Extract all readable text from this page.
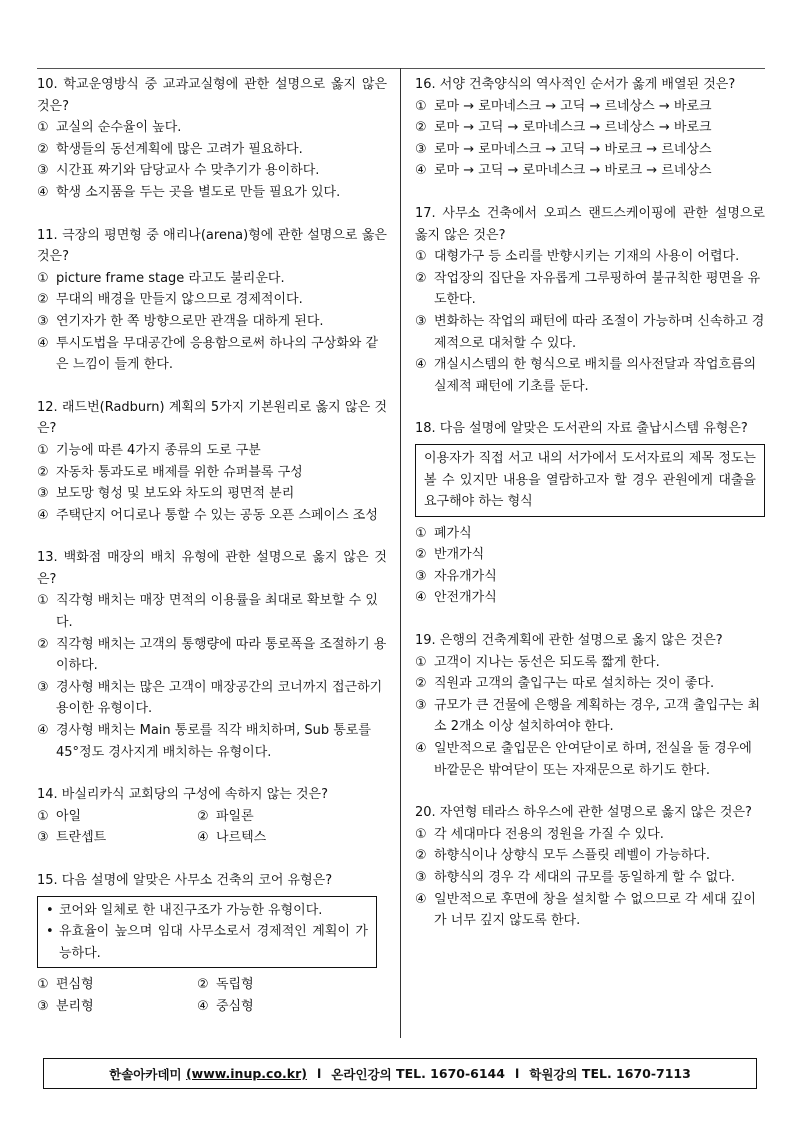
10. 학교운영방식 중 교과교실형에 관한 설명으로 옳지 않은 것은?

① 교실의 순수율이 높다.

② 학생들의 동선계획에 많은 고려가 필요하다.

③ 시간표 짜기와 담당교사 수 맞추기가 용이하다.

④ 학생 소지품을 두는 곳을 별도로 만들 필요가 있다.

11. 극장의 평면형 중 애리나(arena)형에 관한 설명으로 옳은 것은?

① picture frame stage 라고도 불리운다.

② 무대의 배경을 만들지 않으므로 경제적이다.

③ 연기자가 한 쪽 방향으로만 관객을 대하게 된다.

④ 투시도법을 무대공간에 응용함으로써 하나의 구상화와 같은 느낌이 들게 한다.

12. 래드번(Radburn) 계획의 5가지 기본원리로 옳지 않은 것은?

① 기능에 따른 4가지 종류의 도로 구분

② 자동차 통과도로 배제를 위한 슈퍼블록 구성

③ 보도망 형성 및 보도와 차도의 평면적 분리

④ 주택단지 어디로나 통할 수 있는 공동 오픈 스페이스 조성

13. 백화점 매장의 배치 유형에 관한 설명으로 옳지 않은 것은?

① 직각형 배치는 매장 면적의 이용률을 최대로 확보할 수 있다.

② 직각형 배치는 고객의 통행량에 따라 통로폭을 조절하기 용이하다.

③ 경사형 배치는 많은 고객이 매장공간의 코너까지 접근하기 용이한 유형이다.

④ 경사형 배치는 Main 통로를 직각 배치하며, Sub 통로를 45°정도 경사지게 배치하는 유형이다.

14. 바실리카식 교회당의 구성에 속하지 않는 것은?

① 아일	② 파일론

③ 트란셉트	④ 나르텍스

15. 다음 설명에 알맞은 사무소 건축의 코어 유형은?

• 코어와 일체로 한 내진구조가 가능한 유형이다.

• 유효율이 높으며 임대 사무소로서 경제적인 계획이 가능하다.

① 편심형	② 독립형

③ 분리형	④ 중심형

16. 서양 건축양식의 역사적인 순서가 옳게 배열된 것은?

① 로마 → 로마네스크 → 고딕 → 르네상스 → 바로크

② 로마 → 고딕 → 로마네스크 → 르네상스 → 바로크

③ 로마 → 로마네스크 → 고딕 → 바로크 → 르네상스

④ 로마 → 고딕 → 로마네스크 → 바로크 → 르네상스

17. 사무소 건축에서 오피스 랜드스케이핑에 관한 설명으로 옳지 않은 것은?

① 대형가구 등 소리를 반향시키는 기재의 사용이 어렵다.

② 작업장의 집단을 자유롭게 그루핑하여 불규칙한 평면을 유도한다.

③ 변화하는 작업의 패턴에 따라 조절이 가능하며 신속하고 경제적으로 대처할 수 있다.

④ 개실시스템의 한 형식으로 배치를 의사전달과 작업흐름의 실제적 패턴에 기초를 둔다.

18. 다음 설명에 알맞은 도서관의 자료 출납시스템 유형은?

이용자가 직접 서고 내의 서가에서 도서자료의 제목 정도는 볼 수 있지만 내용을 열람하고자 할 경우 관원에게 대출을 요구해야 하는 형식

① 폐가식

② 반개가식

③ 자유개가식

④ 안전개가식

19. 은행의 건축계획에 관한 설명으로 옳지 않은 것은?

① 고객이 지나는 동선은 되도록 짧게 한다.

② 직원과 고객의 출입구는 따로 설치하는 것이 좋다.

③ 규모가 큰 건물에 은행을 계획하는 경우, 고객 출입구는 최소 2개소 이상 설치하여야 한다.

④ 일반적으로 출입문은 안여닫이로 하며, 전실을 둘 경우에 바깥문은 밖여닫이 또는 자재문으로 하기도 한다.

20. 자연형 테라스 하우스에 관한 설명으로 옳지 않은 것은?

① 각 세대마다 전용의 정원을 가질 수 있다.

② 하향식이나 상향식 모두 스플릿 레벨이 가능하다.

③ 하향식의 경우 각 세대의 규모를 동일하게 할 수 없다.

④ 일반적으로 후면에 창을 설치할 수 없으므로 각 세대 깊이가 너무 깊지 않도록 한다.

한솔아카데미
(www.inup.co.kr) l 온라인강의
TEL. 1670-6144 l 학원강의
TEL. 1670-7113
